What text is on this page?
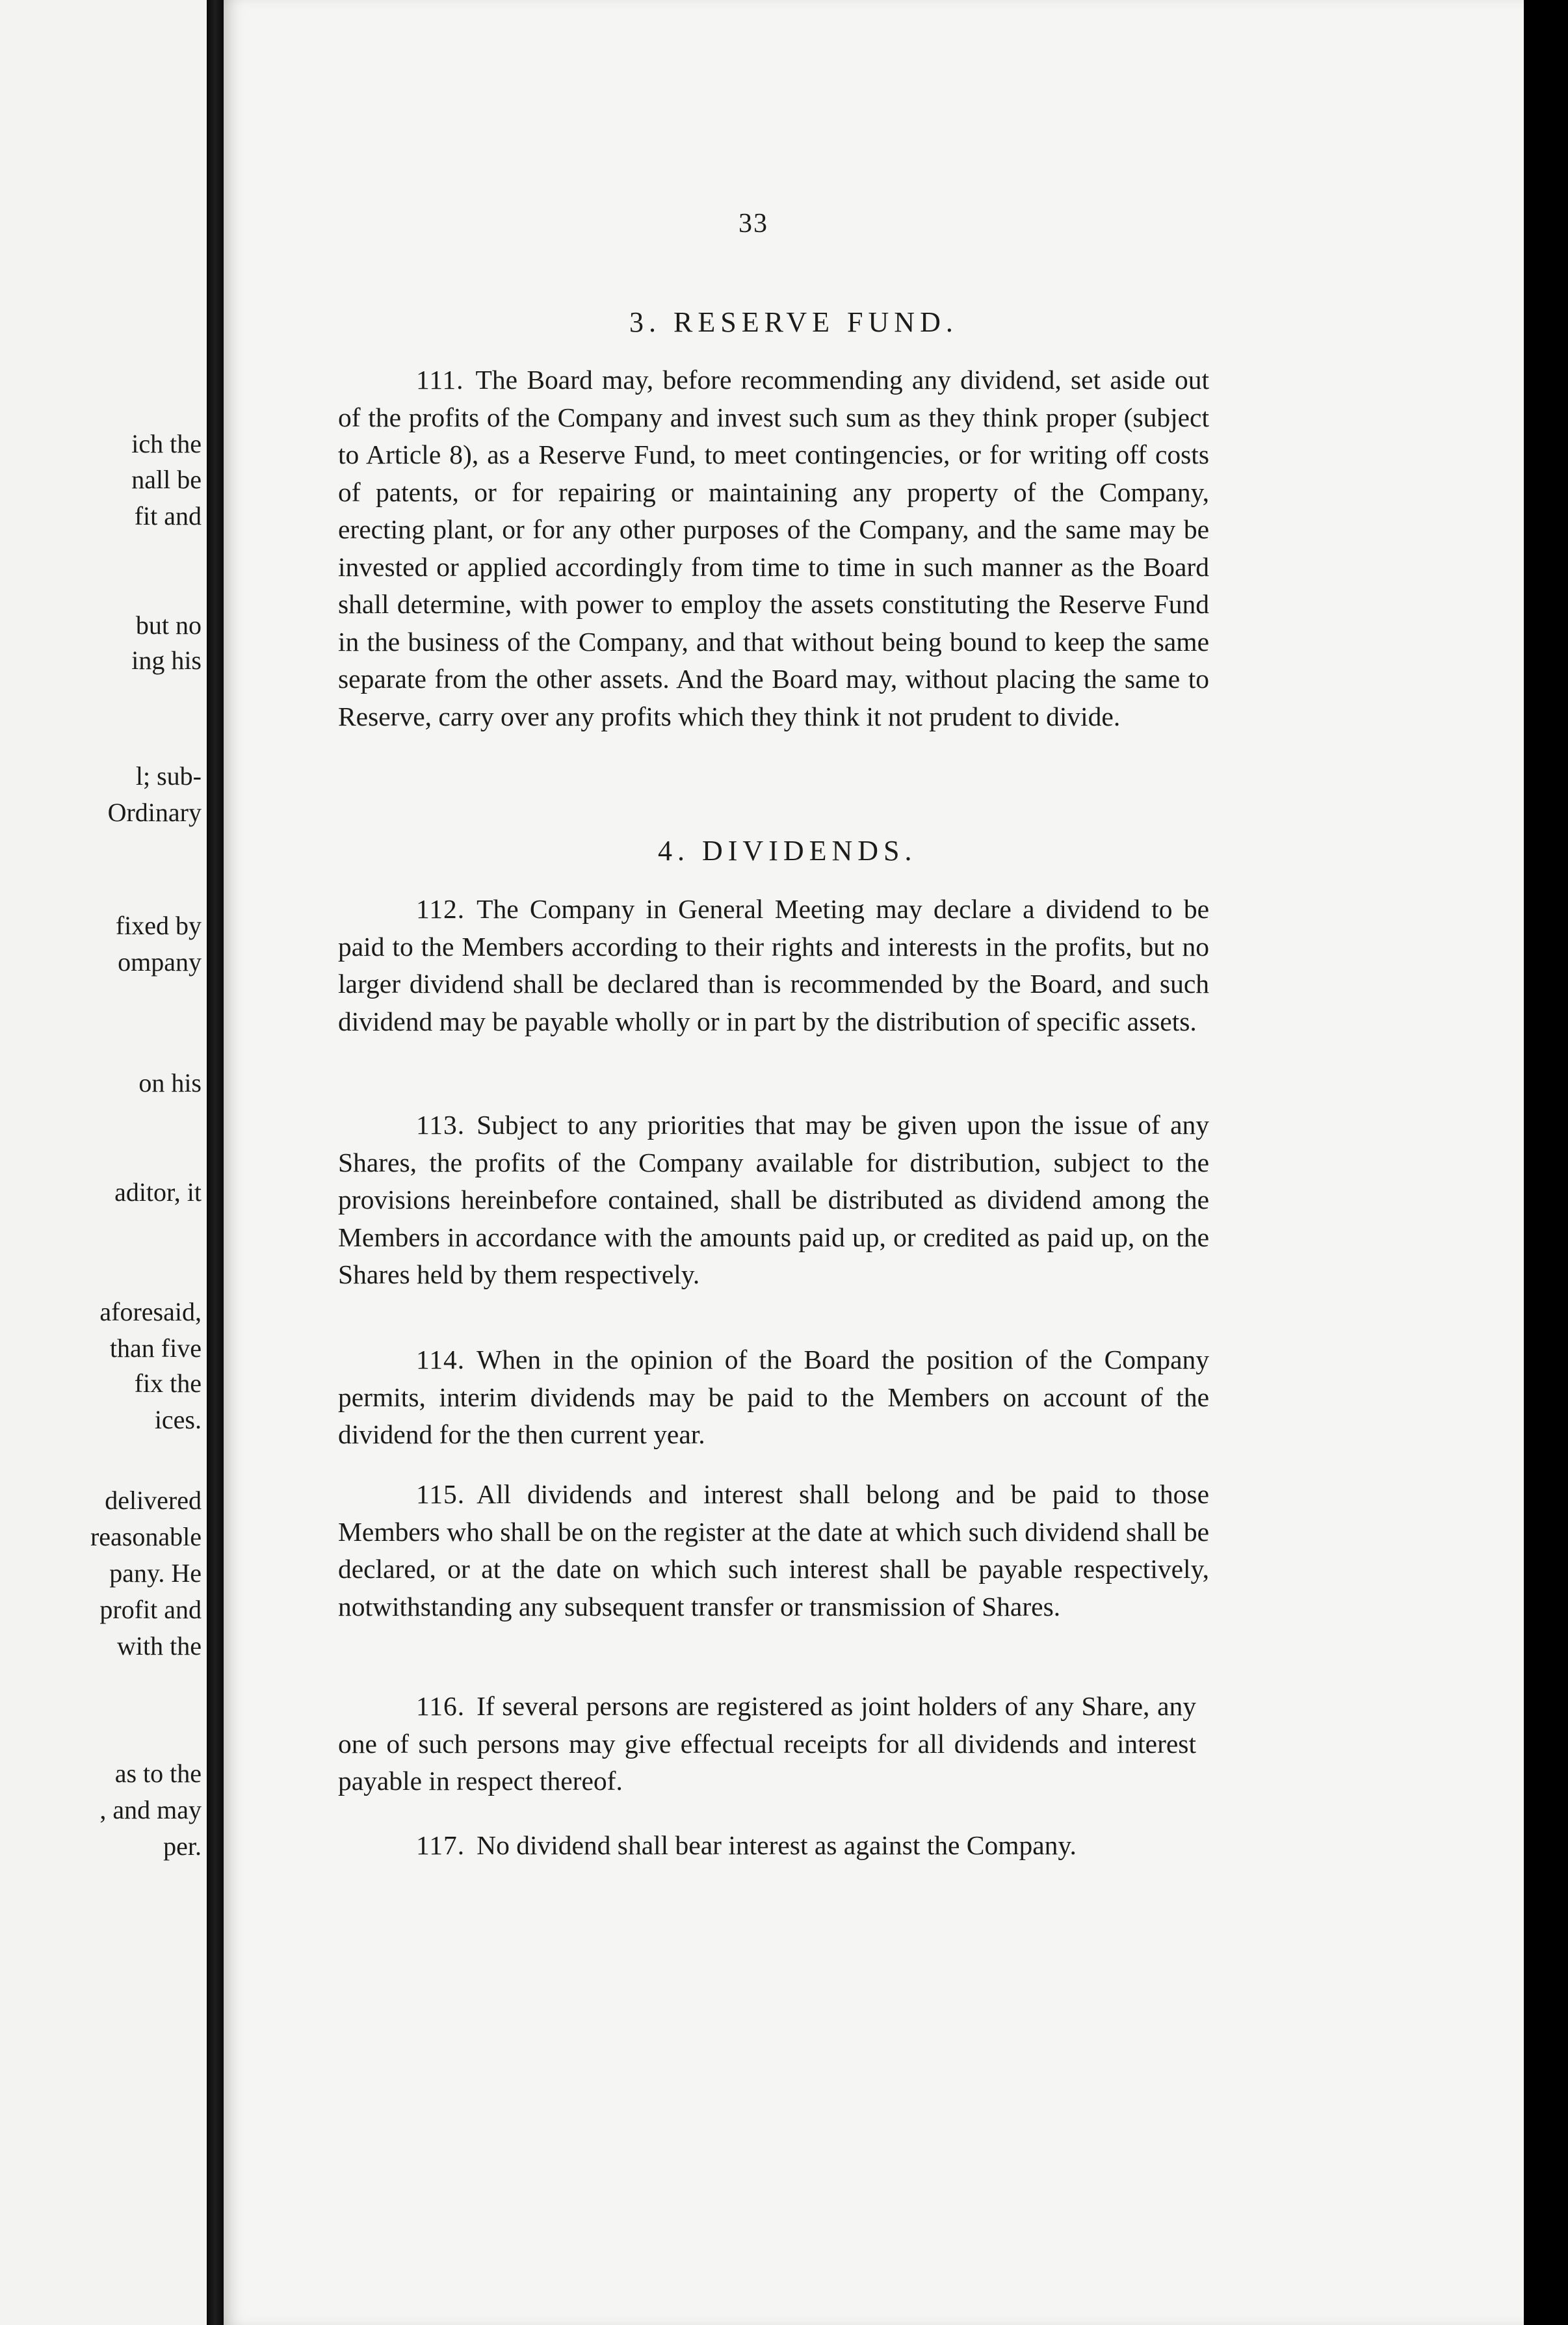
ich the
nall be
fit and
but no
ing his
l; sub-
Ordinary
fixed by
ompany
on his
aditor, it
aforesaid,
than five
fix the
ices.
delivered
reasonable
pany. He
profit and
with the
as to the
, and may
per.
33
3. RESERVE FUND.

111. The Board may, before recommending any dividend, set aside out of the profits of the Company and invest such sum as they think proper (subject to Article 8), as a Reserve Fund, to meet contingencies, or for writing off costs of patents, or for repairing or maintaining any property of the Company, erecting plant, or for any other purposes of the Company, and the same may be invested or applied accordingly from time to time in such manner as the Board shall determine, with power to employ the assets constituting the Reserve Fund in the business of the Company, and that without being bound to keep the same separate from the other assets. And the Board may, without placing the same to Reserve, carry over any profits which they think it not prudent to divide.

4. DIVIDENDS.

112. The Company in General Meeting may declare a dividend to be paid to the Members according to their rights and interests in the profits, but no larger dividend shall be declared than is recommended by the Board, and such dividend may be payable wholly or in part by the distribution of specific assets.

113. Subject to any priorities that may be given upon the issue of any Shares, the profits of the Company available for distribution, subject to the provisions hereinbefore contained, shall be distributed as dividend among the Members in accordance with the amounts paid up, or credited as paid up, on the Shares held by them respectively.

114. When in the opinion of the Board the position of the Company permits, interim dividends may be paid to the Members on account of the dividend for the then current year.

115. All dividends and interest shall belong and be paid to those Members who shall be on the register at the date at which such dividend shall be declared, or at the date on which such interest shall be payable respectively, notwithstanding any subsequent transfer or transmission of Shares.

116. If several persons are registered as joint holders of any Share, any one of such persons may give effectual receipts for all dividends and interest payable in respect thereof.

117. No dividend shall bear interest as against the Company.
